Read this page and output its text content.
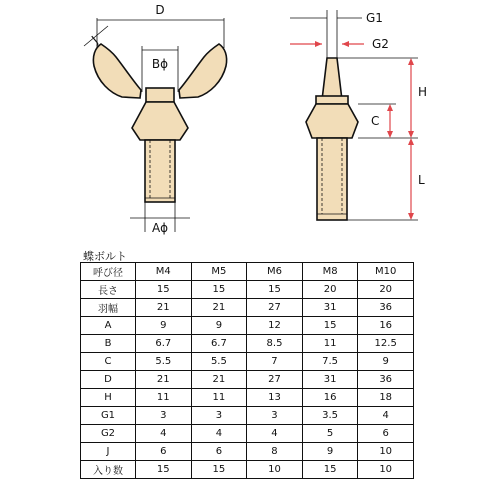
D
Bϕ
J
Aϕ
G1
G2
H
C
L
蝶ボルト
呼び径	M4	M5	M6	M8	M10
長さ	15	15	15	20	20
羽幅	21	21	27	31	36
A	9	9	12	15	16
B	6.7	6.7	8.5	11	12.5
C	5.5	5.5	7	7.5	9
D	21	21	27	31	36
H	11	11	13	16	18
G1	3	3	3	3.5	4
G2	4	4	4	5	6
J	6	6	8	9	10
入り数	15	15	10	15	10
